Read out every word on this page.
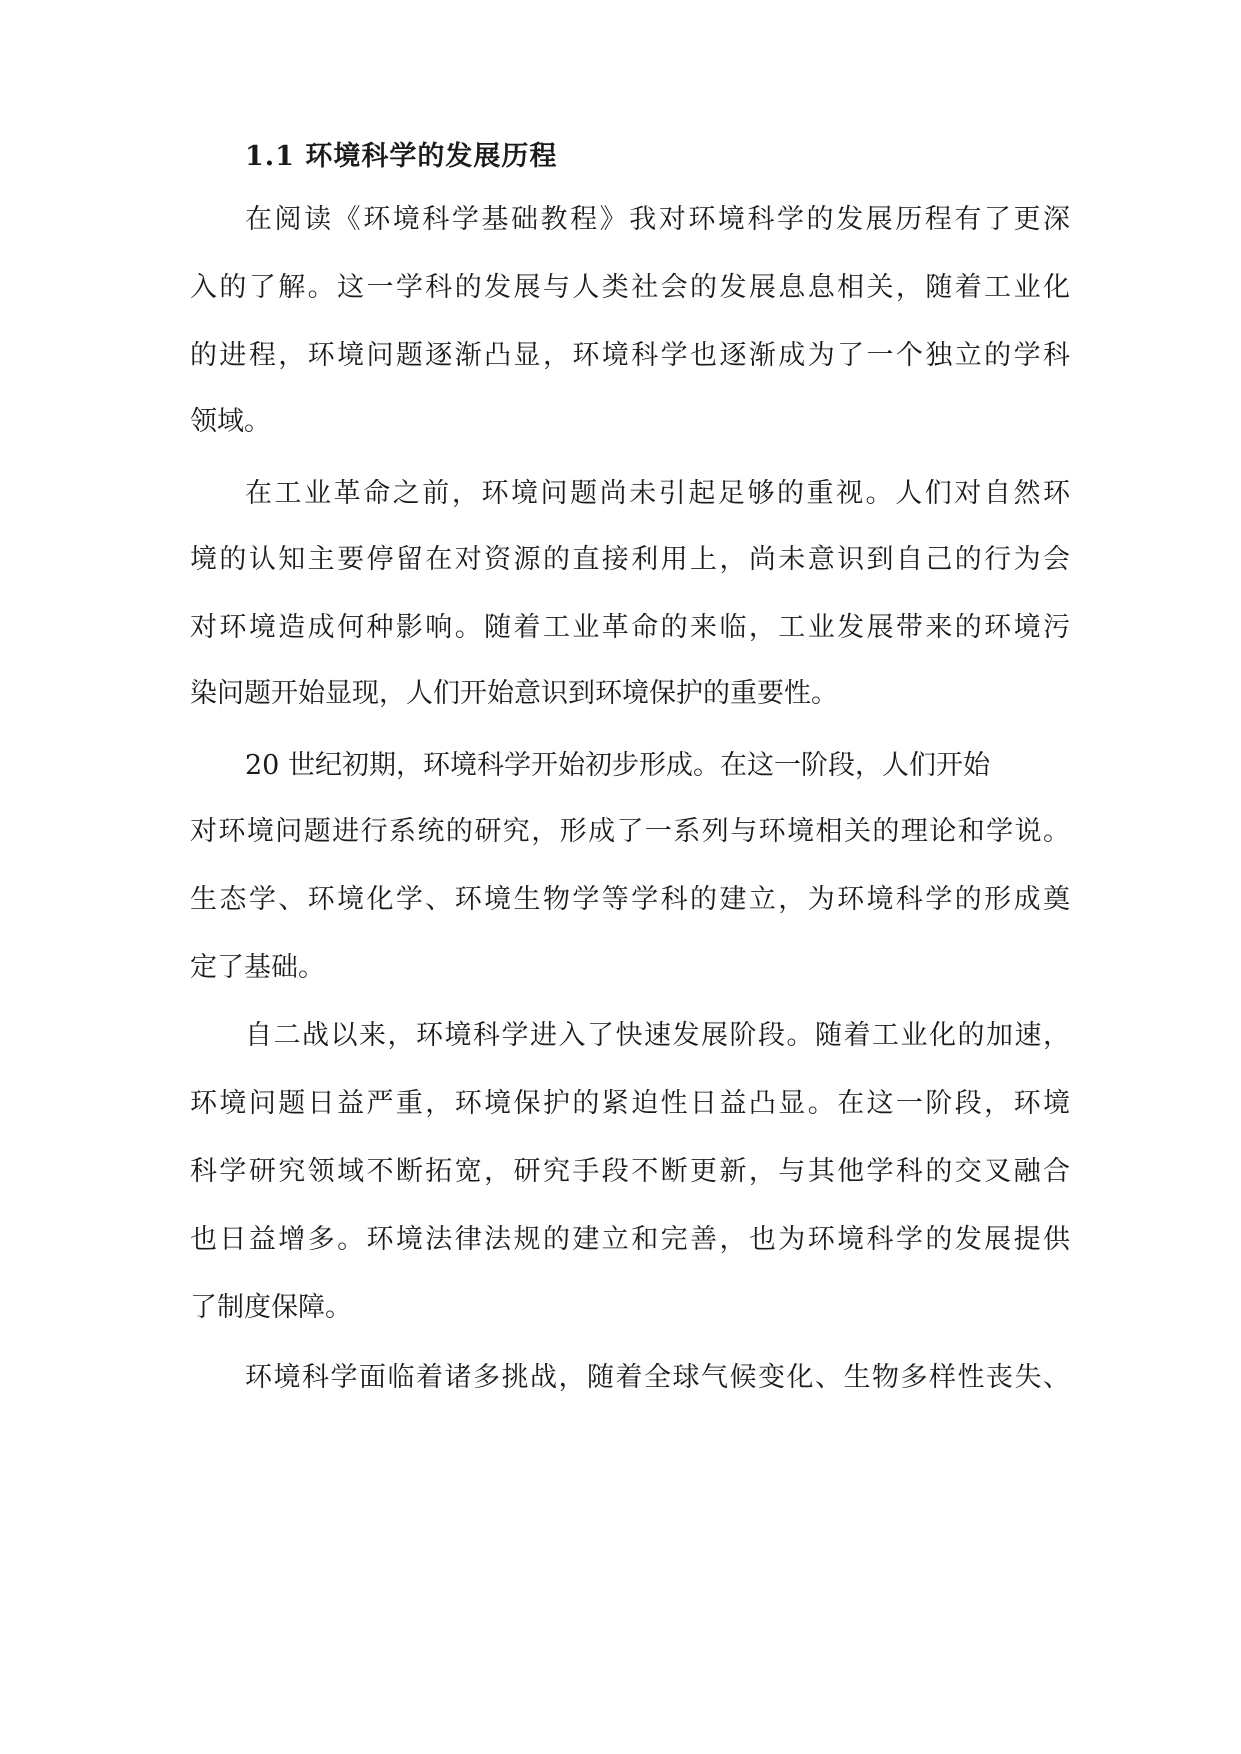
1.1 环境科学的发展历程
在阅读《环境科学基础教程》我对环境科学的发展历程有了更深
入的了解。这一学科的发展与人类社会的发展息息相关，随着工业化
的进程，环境问题逐渐凸显，环境科学也逐渐成为了一个独立的学科
领域。
在工业革命之前，环境问题尚未引起足够的重视。人们对自然环
境的认知主要停留在对资源的直接利用上，尚未意识到自己的行为会
对环境造成何种影响。随着工业革命的来临，工业发展带来的环境污
染问题开始显现，人们开始意识到环境保护的重要性。
20 世纪初期，环境科学开始初步形成。在这一阶段，人们开始
对环境问题进行系统的研究，形成了一系列与环境相关的理论和学说。
生态学、环境化学、环境生物学等学科的建立，为环境科学的形成奠
定了基础。
自二战以来，环境科学进入了快速发展阶段。随着工业化的加速，
环境问题日益严重，环境保护的紧迫性日益凸显。在这一阶段，环境
科学研究领域不断拓宽，研究手段不断更新，与其他学科的交叉融合
也日益增多。环境法律法规的建立和完善，也为环境科学的发展提供
了制度保障。
环境科学面临着诸多挑战，随着全球气候变化、生物多样性丧失、
